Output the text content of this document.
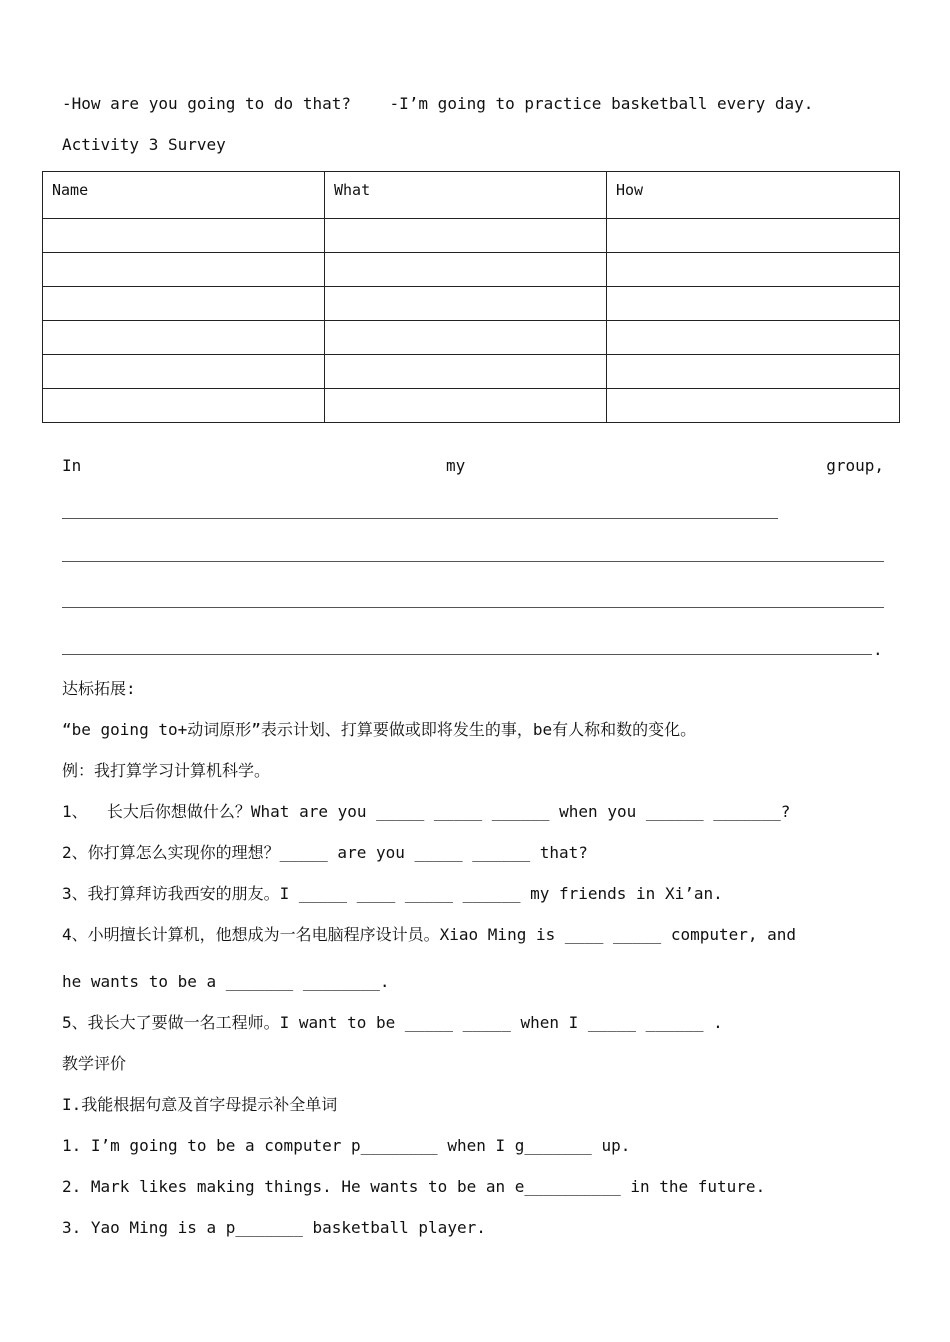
-How are you going to do that? -I’m going to practice basketball every day.
Activity 3 Survey
Name	What	How

In	my	group,
.
达标拓展:
“be going to+动词原形”表示计划、打算要做或即将发生的事，be有人称和数的变化。
例：我打算学习计算机科学。
1、  长大后你想做什么？What are you _____ _____ ______ when you ______ _______?
2、你打算怎么实现你的理想？_____ are you _____ ______ that?
3、我打算拜访我西安的朋友。I _____ ____ _____ ______ my friends in Xi’an.
4、小明擅长计算机，他想成为一名电脑程序设计员。Xiao Ming is ____ _____ computer, and
he wants to be a _______ ________.
5、我长大了要做一名工程师。I want to be _____ _____ when I _____ ______ .
教学评价
I.我能根据句意及首字母提示补全单词
1. I’m going to be a computer p________ when I g_______ up.
2. Mark likes making things. He wants to be an e__________ in the future.
3. Yao Ming is a p_______ basketball player.
